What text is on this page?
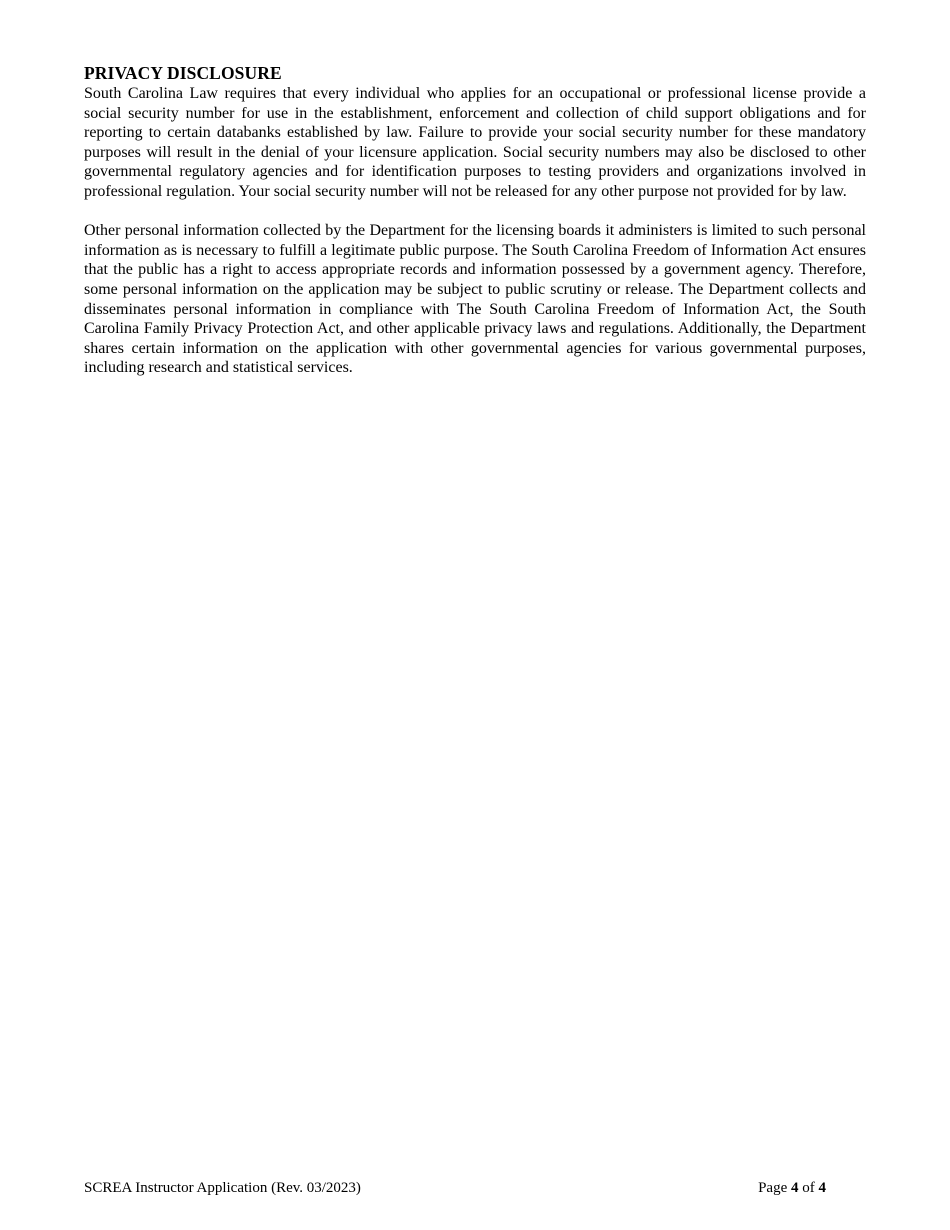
PRIVACY DISCLOSURE

South Carolina Law requires that every individual who applies for an occupational or professional license provide a social security number for use in the establishment, enforcement and collection of child support obligations and for reporting to certain databanks established by law. Failure to provide your social security number for these mandatory purposes will result in the denial of your licensure application. Social security numbers may also be disclosed to other governmental regulatory agencies and for identification purposes to testing providers and organizations involved in professional regulation. Your social security number will not be released for any other purpose not provided for by law.

Other personal information collected by the Department for the licensing boards it administers is limited to such personal information as is necessary to fulfill a legitimate public purpose. The South Carolina Freedom of Information Act ensures that the public has a right to access appropriate records and information possessed by a government agency. Therefore, some personal information on the application may be subject to public scrutiny or release. The Department collects and disseminates personal information in compliance with The South Carolina Freedom of Information Act, the South Carolina Family Privacy Protection Act, and other applicable privacy laws and regulations. Additionally, the Department shares certain information on the application with other governmental agencies for various governmental purposes, including research and statistical services.

SCREA Instructor Application (Rev. 03/2023)	Page 4 of 4
